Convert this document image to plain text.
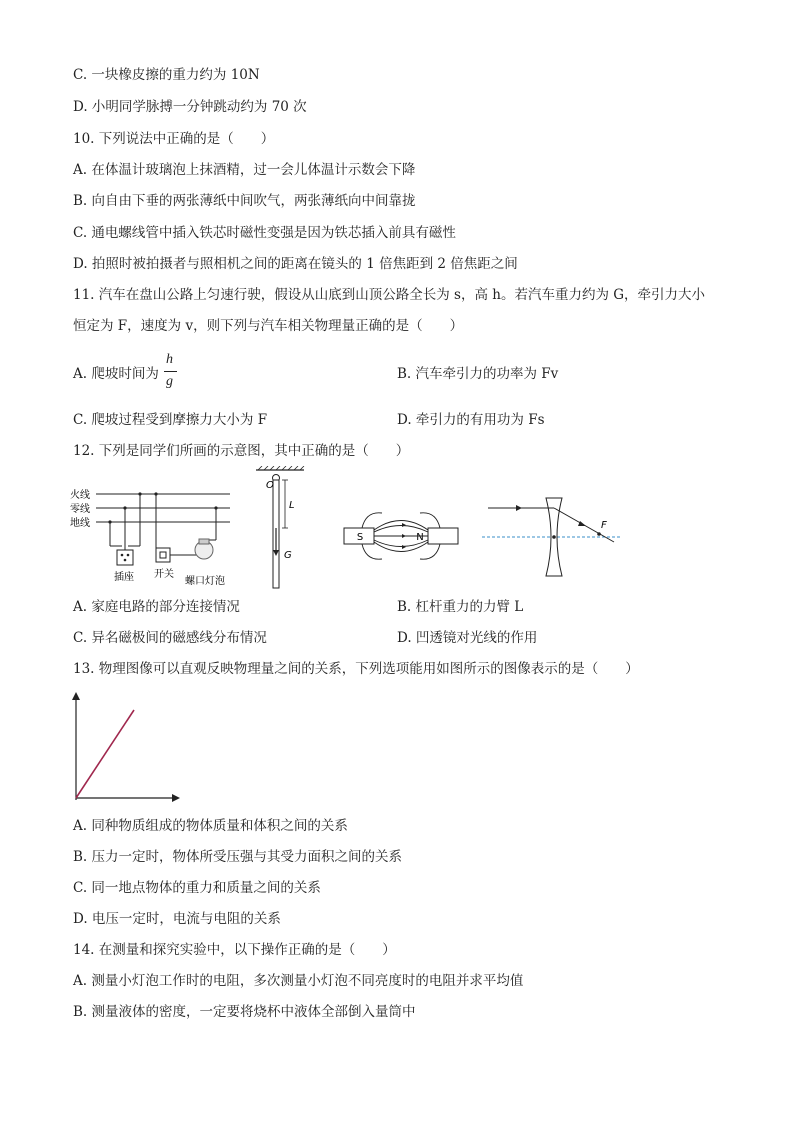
C. 一块橡皮擦的重力约为 10N
D. 小明同学脉搏一分钟跳动约为 70 次
10. 下列说法中正确的是（　　）
A. 在体温计玻璃泡上抹酒精，过一会儿体温计示数会下降
B. 向自由下垂的两张薄纸中间吹气，两张薄纸向中间靠拢
C. 通电螺线管中插入铁芯时磁性变强是因为铁芯插入前具有磁性
D. 拍照时被拍摄者与照相机之间的距离在镜头的 1 倍焦距到 2 倍焦距之间
11. 汽车在盘山公路上匀速行驶，假设从山底到山顶公路全长为 s，高 h。若汽车重力约为 G，牵引力大小
恒定为 F，速度为 v，则下列与汽车相关物理量正确的是（　　）
A. 爬坡时间为
h
g	B. 汽车牵引力的功率为 Fv
C. 爬坡过程受到摩擦力大小为 F	D. 牵引力的有用功为 Fs
12. 下列是同学们所画的示意图，其中正确的是（　　）
火线
零线
地线
插座 开关
螺口灯泡
O
L
G
S	N
F
A. 家庭电路的部分连接情况	B. 杠杆重力的力臂 L
C. 异名磁极间的磁感线分布情况	D. 凹透镜对光线的作用
13. 物理图像可以直观反映物理量之间的关系，下列选项能用如图所示的图像表示的是（　　）
A. 同种物质组成的物体质量和体积之间的关系
B. 压力一定时，物体所受压强与其受力面积之间的关系
C. 同一地点物体的重力和质量之间的关系
D. 电压一定时，电流与电阻的关系
14. 在测量和探究实验中，以下操作正确的是（　　）
A. 测量小灯泡工作时的电阻，多次测量小灯泡不同亮度时的电阻并求平均值
B. 测量液体的密度，一定要将烧杯中液体全部倒入量筒中
